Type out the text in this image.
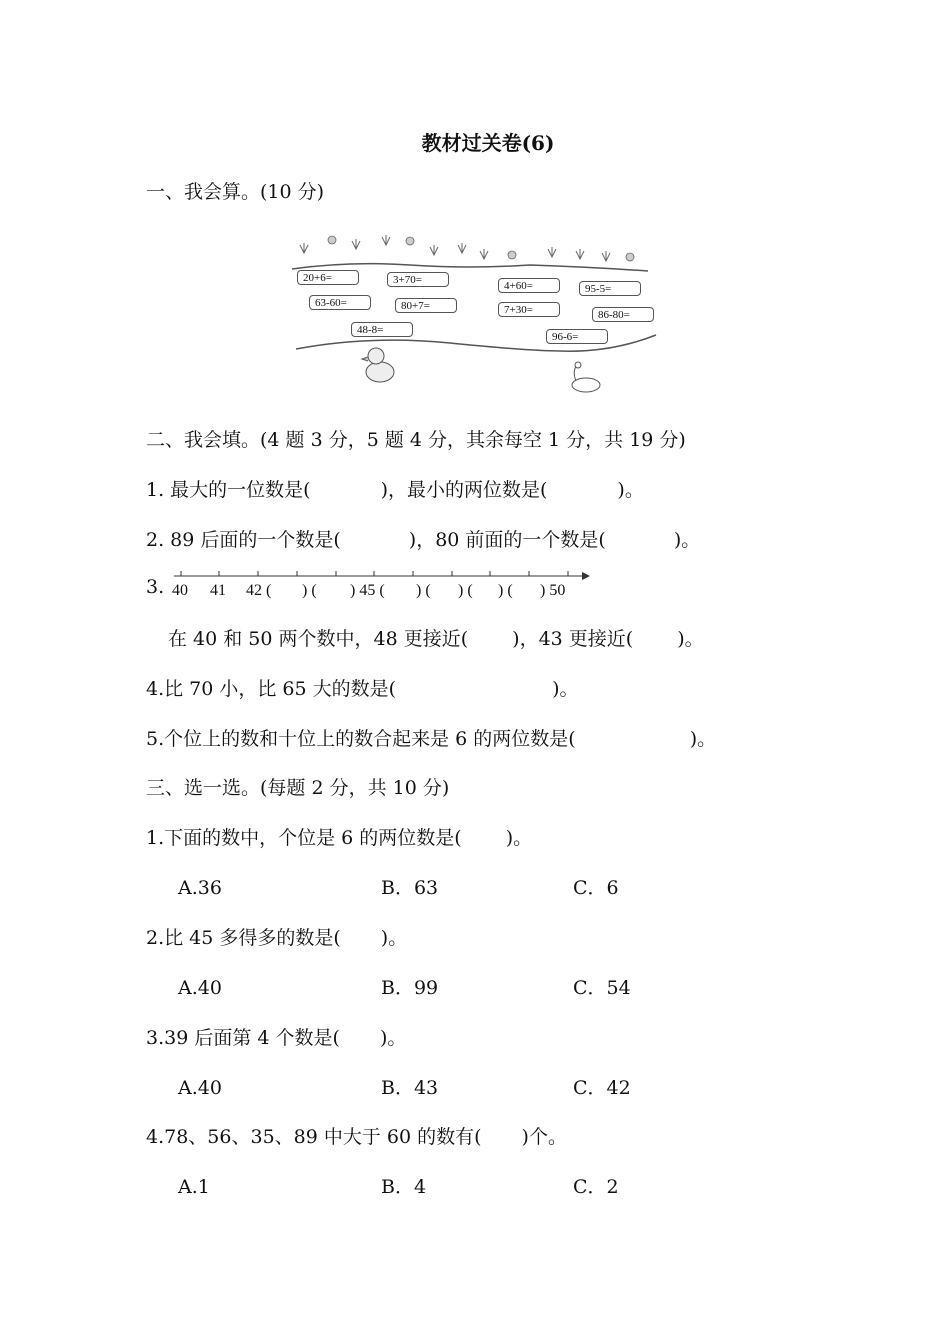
教材过关卷(6)
一、我会算。(10 分)
20+6=	3+70=
63-60=	80+7=
48-8=
4+60=
7+30=
95-5=
86-80=
96-6=
二、我会填。(4 题 3 分，5 题 4 分，其余每空 1 分，共 19 分)
1. 最大的一位数是(	)，最小的两位数是(	)。
2. 89 后面的一个数是(	)，80 前面的一个数是(	)。
3. 40 41 42 ( ) ( ) 45 ( ) ( ) ( ) ( ) 50
在 40 和 50 两个数中，48 更接近( )，43 更接近( )。
4.比 70 小，比 65 大的数是(	)。
5.个位上的数和十位上的数合起来是 6 的两位数是(	)。
三、选一选。(每题 2 分，共 10 分)
1.下面的数中，个位是 6 的两位数是( )。
A.36	B．63	C．6
2.比 45 多得多的数是( )。
A.40	B．99	C．54
3.39 后面第 4 个数是( )。
A.40	B．43	C．42
4.78、56、35、89 中大于 60 的数有( )个。
A.1	B．4	C．2
